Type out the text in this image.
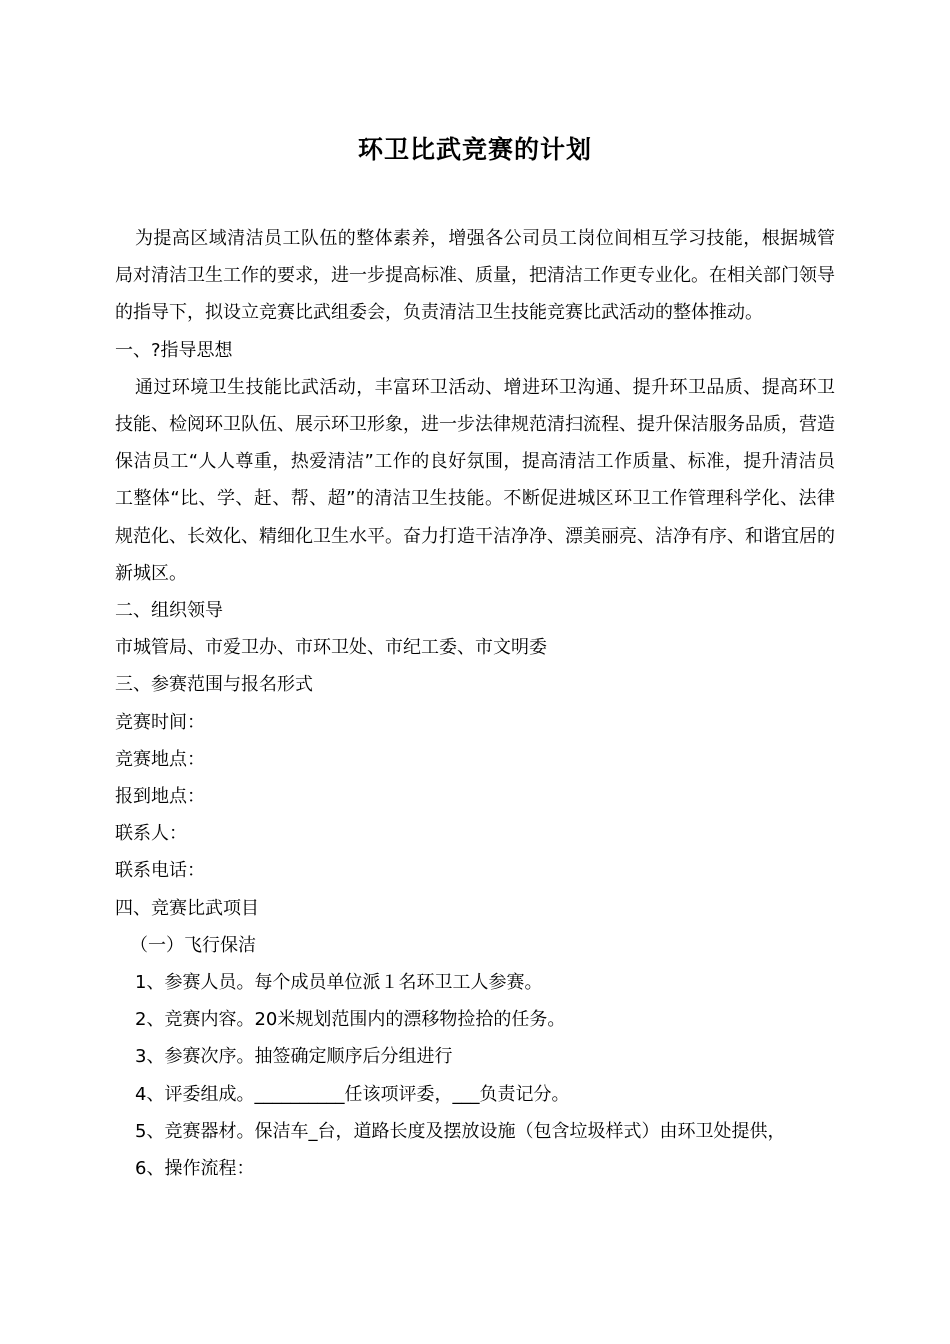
环卫比武竞赛的计划

为提高区域清洁员工队伍的整体素养，增强各公司员工岗位间相互学习技能，根据城管局对清洁卫生工作的要求，进一步提高标准、质量，把清洁工作更专业化。在相关部门领导的指导下，拟设立竞赛比武组委会，负责清洁卫生技能竞赛比武活动的整体推动。

一、?指导思想

通过环境卫生技能比武活动，丰富环卫活动、增进环卫沟通、提升环卫品质、提高环卫技能、检阅环卫队伍、展示环卫形象，进一步法律规范清扫流程、提升保洁服务品质，营造保洁员工“人人尊重，热爱清洁”工作的良好氛围，提高清洁工作质量、标准，提升清洁员工整体“比、学、赶、帮、超”的清洁卫生技能。不断促进城区环卫工作管理科学化、法律规范化、长效化、精细化卫生水平。奋力打造干洁净净、漂美丽亮、洁净有序、和谐宜居的新城区。

二、组织领导

市城管局、市爱卫办、市环卫处、市纪工委、市文明委

三、参赛范围与报名形式

竞赛时间：

竞赛地点：

报到地点：

联系人：

联系电话：

四、竞赛比武项目

（一）飞行保洁

1、参赛人员。每个成员单位派１名环卫工人参赛。

2、竞赛内容。20米规划范围内的漂移物捡拾的任务。

3、参赛次序。抽签确定顺序后分组进行

4、评委组成。__________任该项评委，___负责记分。

5、竞赛器材。保洁车_台，道路长度及摆放设施（包含垃圾样式）由环卫处提供，

6、操作流程：
